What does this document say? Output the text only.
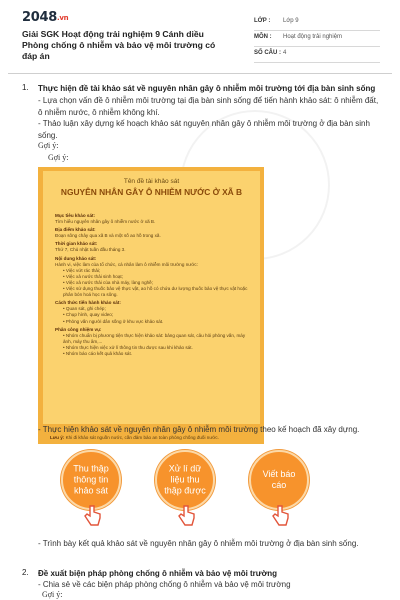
2048.vn
Giải SGK Hoạt động trải nghiệm 9 Cánh diều Phòng chống ô nhiễm và bảo vệ môi trường có đáp án
LỚP : Lớp 9
MÔN : Hoạt động trải nghiệm
SỐ CÂU : 4
1. Thực hiện đề tài khảo sát về nguyên nhân gây ô nhiễm môi trường tới địa bàn sinh sống
- Lựa chọn vấn đề ô nhiễm môi trường tại địa bàn sinh sống để tiến hành khảo sát: ô nhiễm đất, ô nhiễm nước, ô nhiễm không khí.
- Thảo luận xây dựng kế hoạch khảo sát nguyên nhân gây ô nhiễm môi trường ở địa bàn sinh sống.
Gợi ý:
Gợi ý:
Tên đề tài khảo sát
NGUYÊN NHÂN GÂY Ô NHIỄM NƯỚC Ở XÃ B
Mục tiêu khảo sát:
Tìm hiểu nguyên nhân gây ô nhiễm nước ở xã B.
Địa điểm khảo sát:
Đoạn sông chảy qua xã B và một số ao hồ trong xã.
Thời gian khảo sát:
Thứ 7, Chủ nhật tuần đầu tháng 3.
Nội dung khảo sát:
Hành vi, việc làm của tổ chức, cá nhân làm ô nhiễm môi trường nước:
• Việc vứt rác thải;
• Việc xả nước thải sinh hoạt;
• Việc xả nước thải của nhà máy, làng nghề;
• Việc sử dụng thuốc bảo vệ thực vật, ao hồ có chứa dư lượng thuốc bảo vệ thực vật hoặc phân bón hoá học ra sông.
Cách thức tiến hành khảo sát:
• Quan sát, ghi chép;
• Chụp hình, quay video;
• Phỏng vấn người dân sống ở khu vực khảo sát.
Phân công nhiệm vụ:
• Nhóm chuẩn bị phương tiện thực hiện khảo sát: bảng quan sát, câu hỏi phỏng vấn, máy ảnh, máy thu âm,...
• Nhóm thực hiện việc xử lí thông tin thu được sau khi khảo sát.
• Nhóm báo cáo kết quả khảo sát.
Lưu ý: Khi đi khảo sát nguồn nước, cần đảm bảo an toàn phòng chống đuối nước.
- Thực hiện khảo sát về nguyên nhân gây ô nhiễm môi trường theo kế hoạch đã xây dựng.
Thu thập thông tin khảo sát
Xử lí dữ liệu thu thập được
Viết báo cáo
- Trình bày kết quả khảo sát về nguyên nhân gây ô nhiễm môi trường ở địa bàn sinh sống.
2. Đề xuất biện pháp phòng chống ô nhiễm và bảo vệ môi trường
- Chia sẻ về các biện pháp phòng chống ô nhiễm và bảo vệ môi trường
Gợi ý:
